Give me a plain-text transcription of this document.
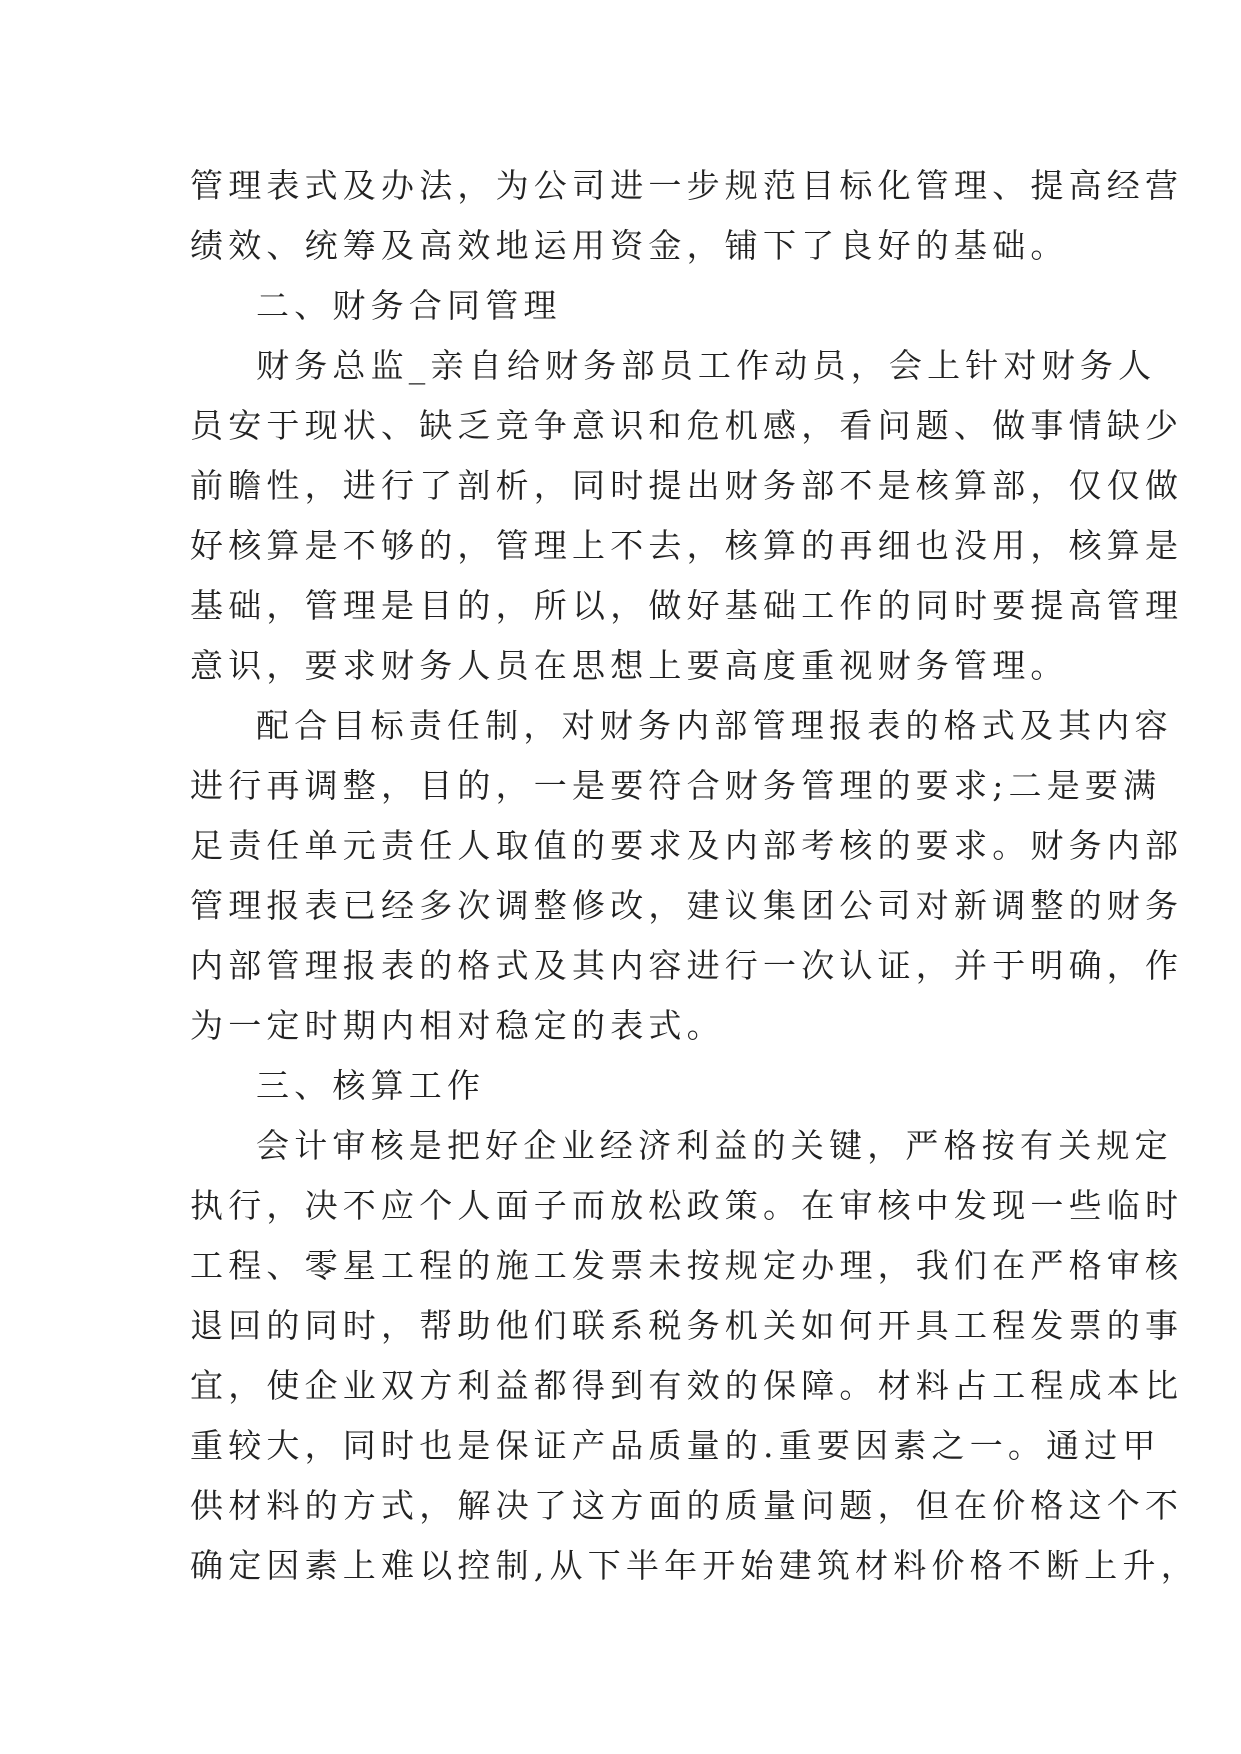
管理表式及办法，为公司进一步规范目标化管理、提高经营
绩效、统筹及高效地运用资金，铺下了良好的基础。
二、财务合同管理
财务总监_亲自给财务部员工作动员，会上针对财务人
员安于现状、缺乏竞争意识和危机感，看问题、做事情缺少
前瞻性，进行了剖析，同时提出财务部不是核算部，仅仅做
好核算是不够的，管理上不去，核算的再细也没用，核算是
基础，管理是目的，所以，做好基础工作的同时要提高管理
意识，要求财务人员在思想上要高度重视财务管理。
配合目标责任制，对财务内部管理报表的格式及其内容
进行再调整，目的，一是要符合财务管理的要求;二是要满
足责任单元责任人取值的要求及内部考核的要求。财务内部
管理报表已经多次调整修改，建议集团公司对新调整的财务
内部管理报表的格式及其内容进行一次认证，并于明确，作
为一定时期内相对稳定的表式。
三、核算工作
会计审核是把好企业经济利益的关键，严格按有关规定
执行，决不应个人面子而放松政策。在审核中发现一些临时
工程、零星工程的施工发票未按规定办理，我们在严格审核
退回的同时，帮助他们联系税务机关如何开具工程发票的事
宜，使企业双方利益都得到有效的保障。材料占工程成本比
重较大，同时也是保证产品质量的.重要因素之一。通过甲
供材料的方式，解决了这方面的质量问题，但在价格这个不
确定因素上难以控制,从下半年开始建筑材料价格不断上升，
